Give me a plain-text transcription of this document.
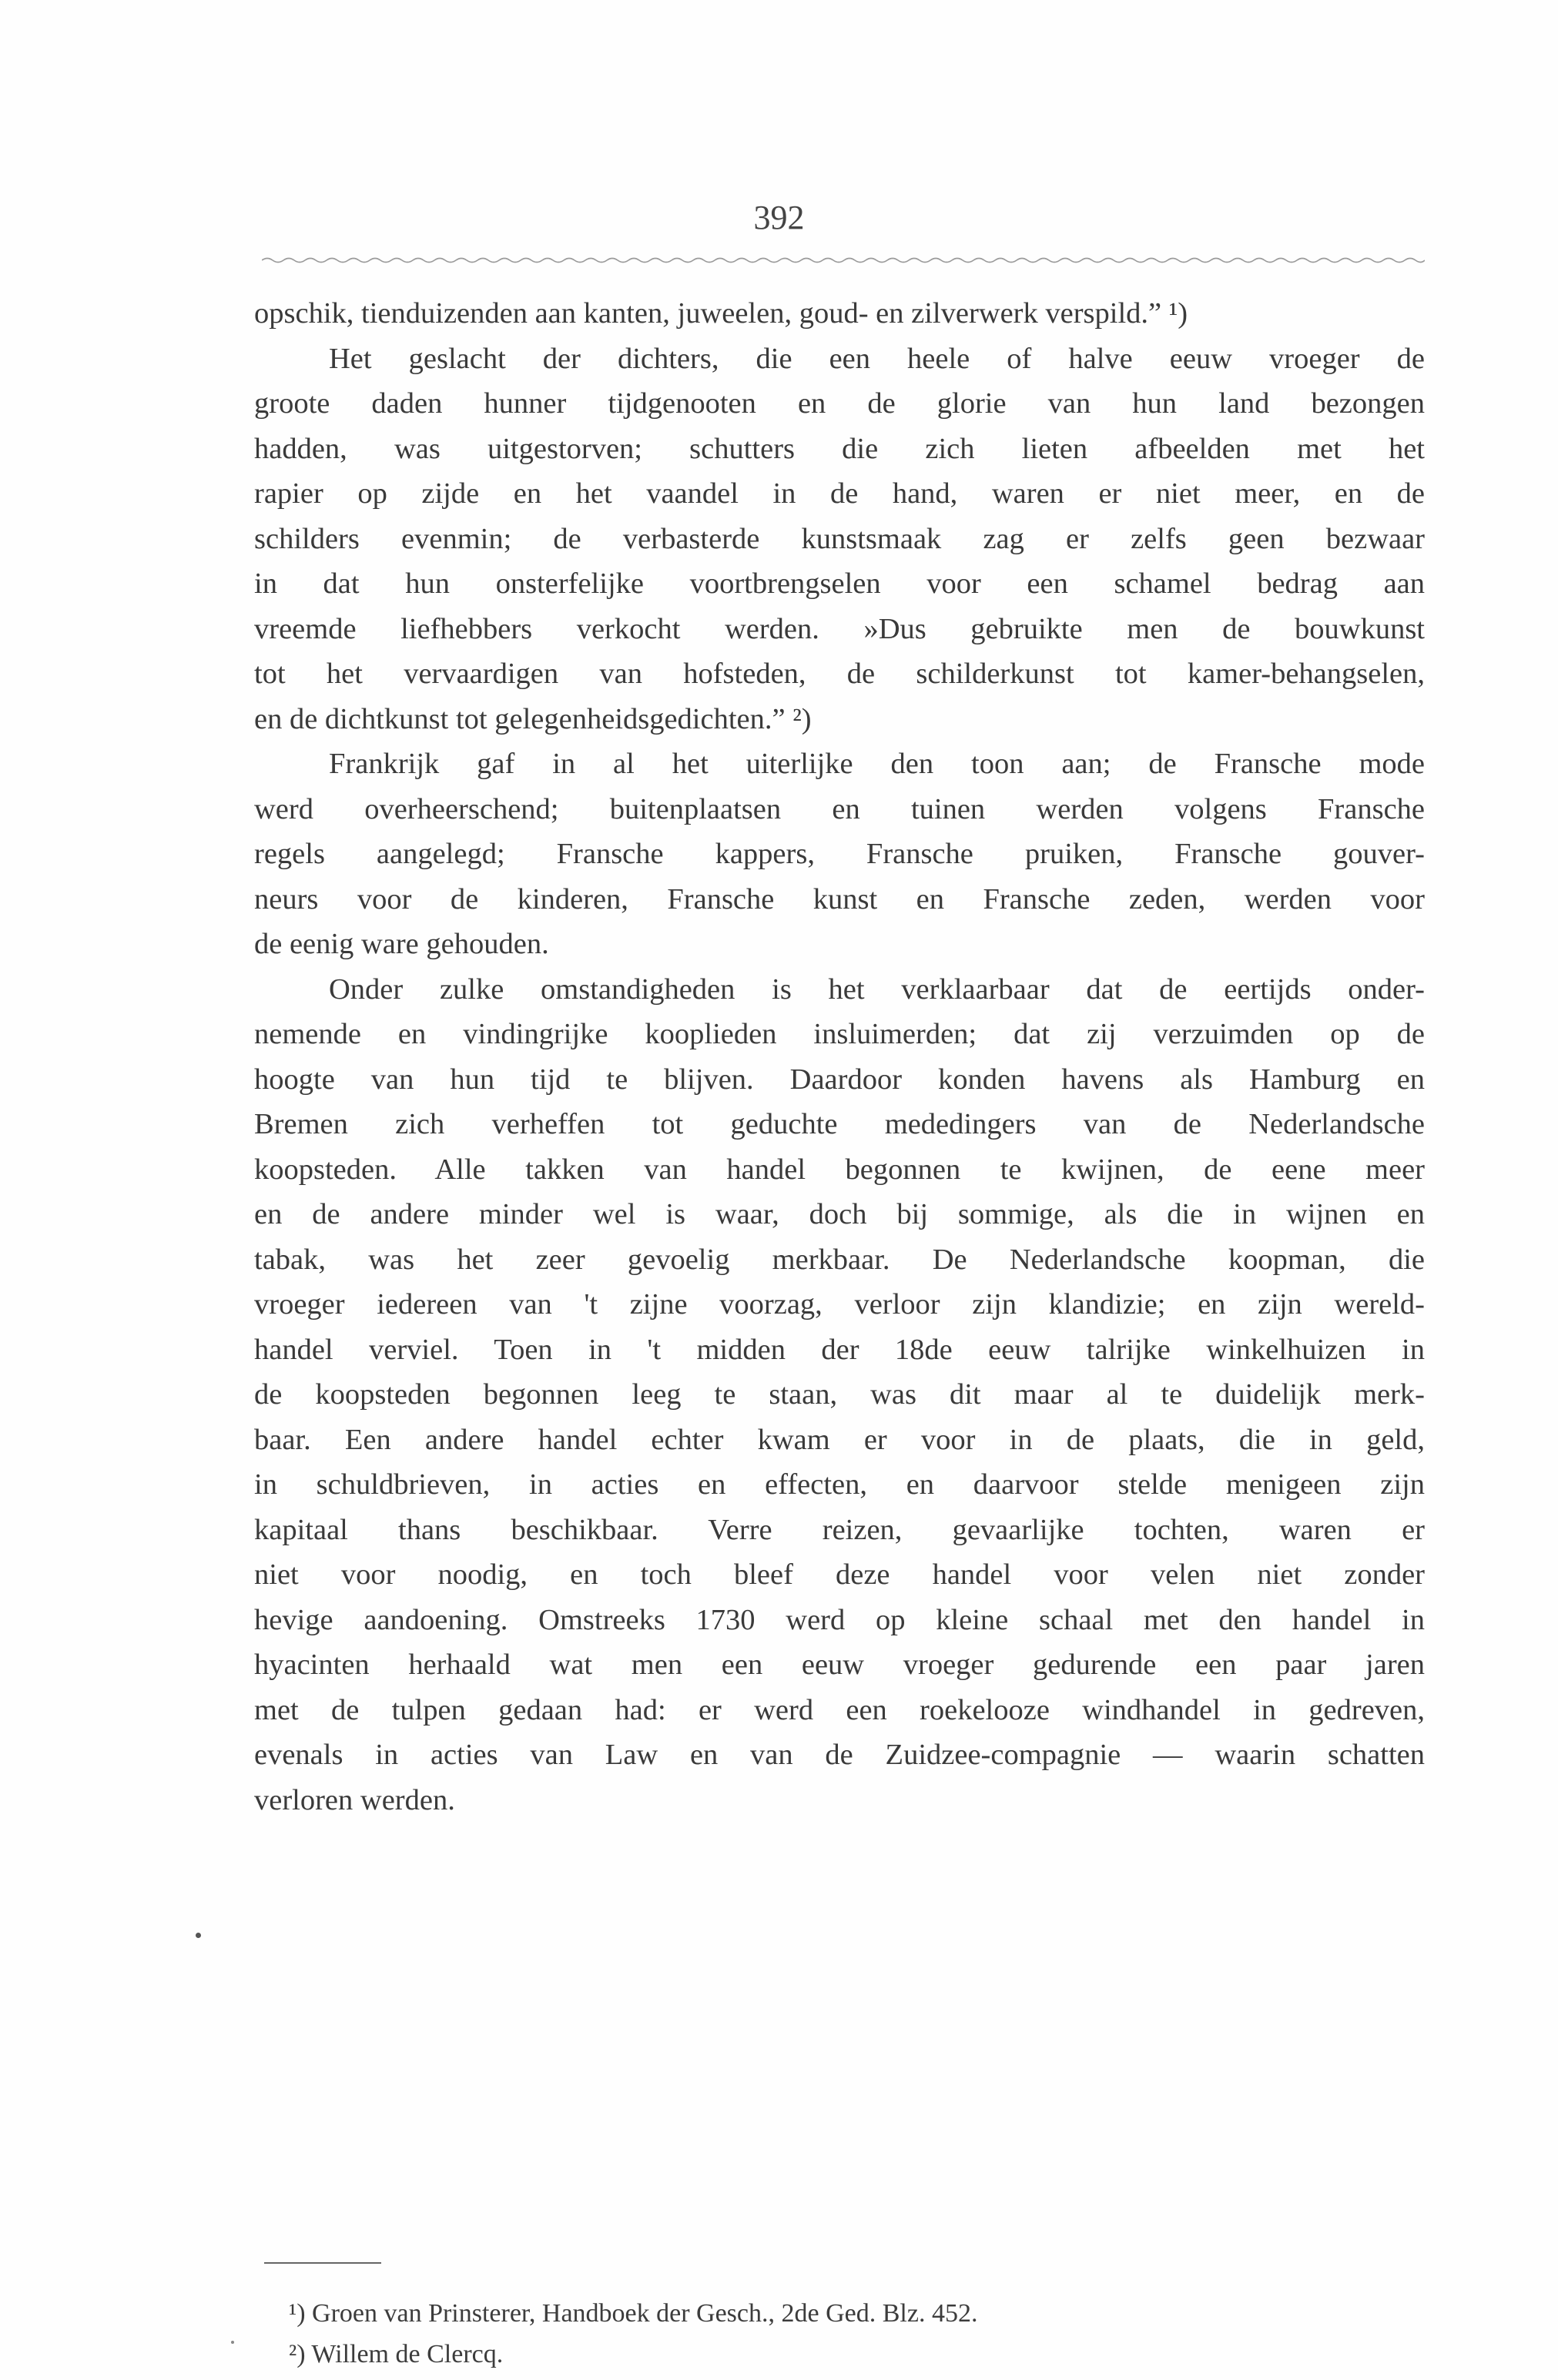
392
opschik, tienduizenden aan kanten, juweelen, goud- en zilverwerk verspild.” ¹)
Het geslacht der dichters, die een heele of halve eeuw vroeger de
groote daden hunner tijdgenooten en de glorie van hun land bezongen
hadden, was uitgestorven; schutters die zich lieten afbeelden met het
rapier op zijde en het vaandel in de hand, waren er niet meer, en de
schilders evenmin; de verbasterde kunstsmaak zag er zelfs geen bezwaar
in dat hun onsterfelijke voortbrengselen voor een schamel bedrag aan
vreemde liefhebbers verkocht werden. »Dus gebruikte men de bouwkunst
tot het vervaardigen van hofsteden, de schilderkunst tot kamer-behangselen,
en de dichtkunst tot gelegenheidsgedichten.” ²)
Frankrijk gaf in al het uiterlijke den toon aan; de Fransche mode
werd overheerschend; buitenplaatsen en tuinen werden volgens Fransche
regels aangelegd; Fransche kappers, Fransche pruiken, Fransche gouver-
neurs voor de kinderen, Fransche kunst en Fransche zeden, werden voor
de eenig ware gehouden.
Onder zulke omstandigheden is het verklaarbaar dat de eertijds onder-
nemende en vindingrijke kooplieden insluimerden; dat zij verzuimden op de
hoogte van hun tijd te blijven. Daardoor konden havens als Hamburg en
Bremen zich verheffen tot geduchte mededingers van de Nederlandsche
koopsteden. Alle takken van handel begonnen te kwijnen, de eene meer
en de andere minder wel is waar, doch bij sommige, als die in wijnen en
tabak, was het zeer gevoelig merkbaar. De Nederlandsche koopman, die
vroeger iedereen van 't zijne voorzag, verloor zijn klandizie; en zijn wereld-
handel verviel. Toen in 't midden der 18de eeuw talrijke winkelhuizen in
de koopsteden begonnen leeg te staan, was dit maar al te duidelijk merk-
baar. Een andere handel echter kwam er voor in de plaats, die in geld,
in schuldbrieven, in acties en effecten, en daarvoor stelde menigeen zijn
kapitaal thans beschikbaar. Verre reizen, gevaarlijke tochten, waren er
niet voor noodig, en toch bleef deze handel voor velen niet zonder
hevige aandoening. Omstreeks 1730 werd op kleine schaal met den handel in
hyacinten herhaald wat men een eeuw vroeger gedurende een paar jaren
met de tulpen gedaan had: er werd een roekelooze windhandel in gedreven,
evenals in acties van Law en van de Zuidzee-compagnie — waarin schatten
verloren werden.
¹) Groen van Prinsterer, Handboek der Gesch., 2de Ged. Blz. 452.
²) Willem de Clercq.
